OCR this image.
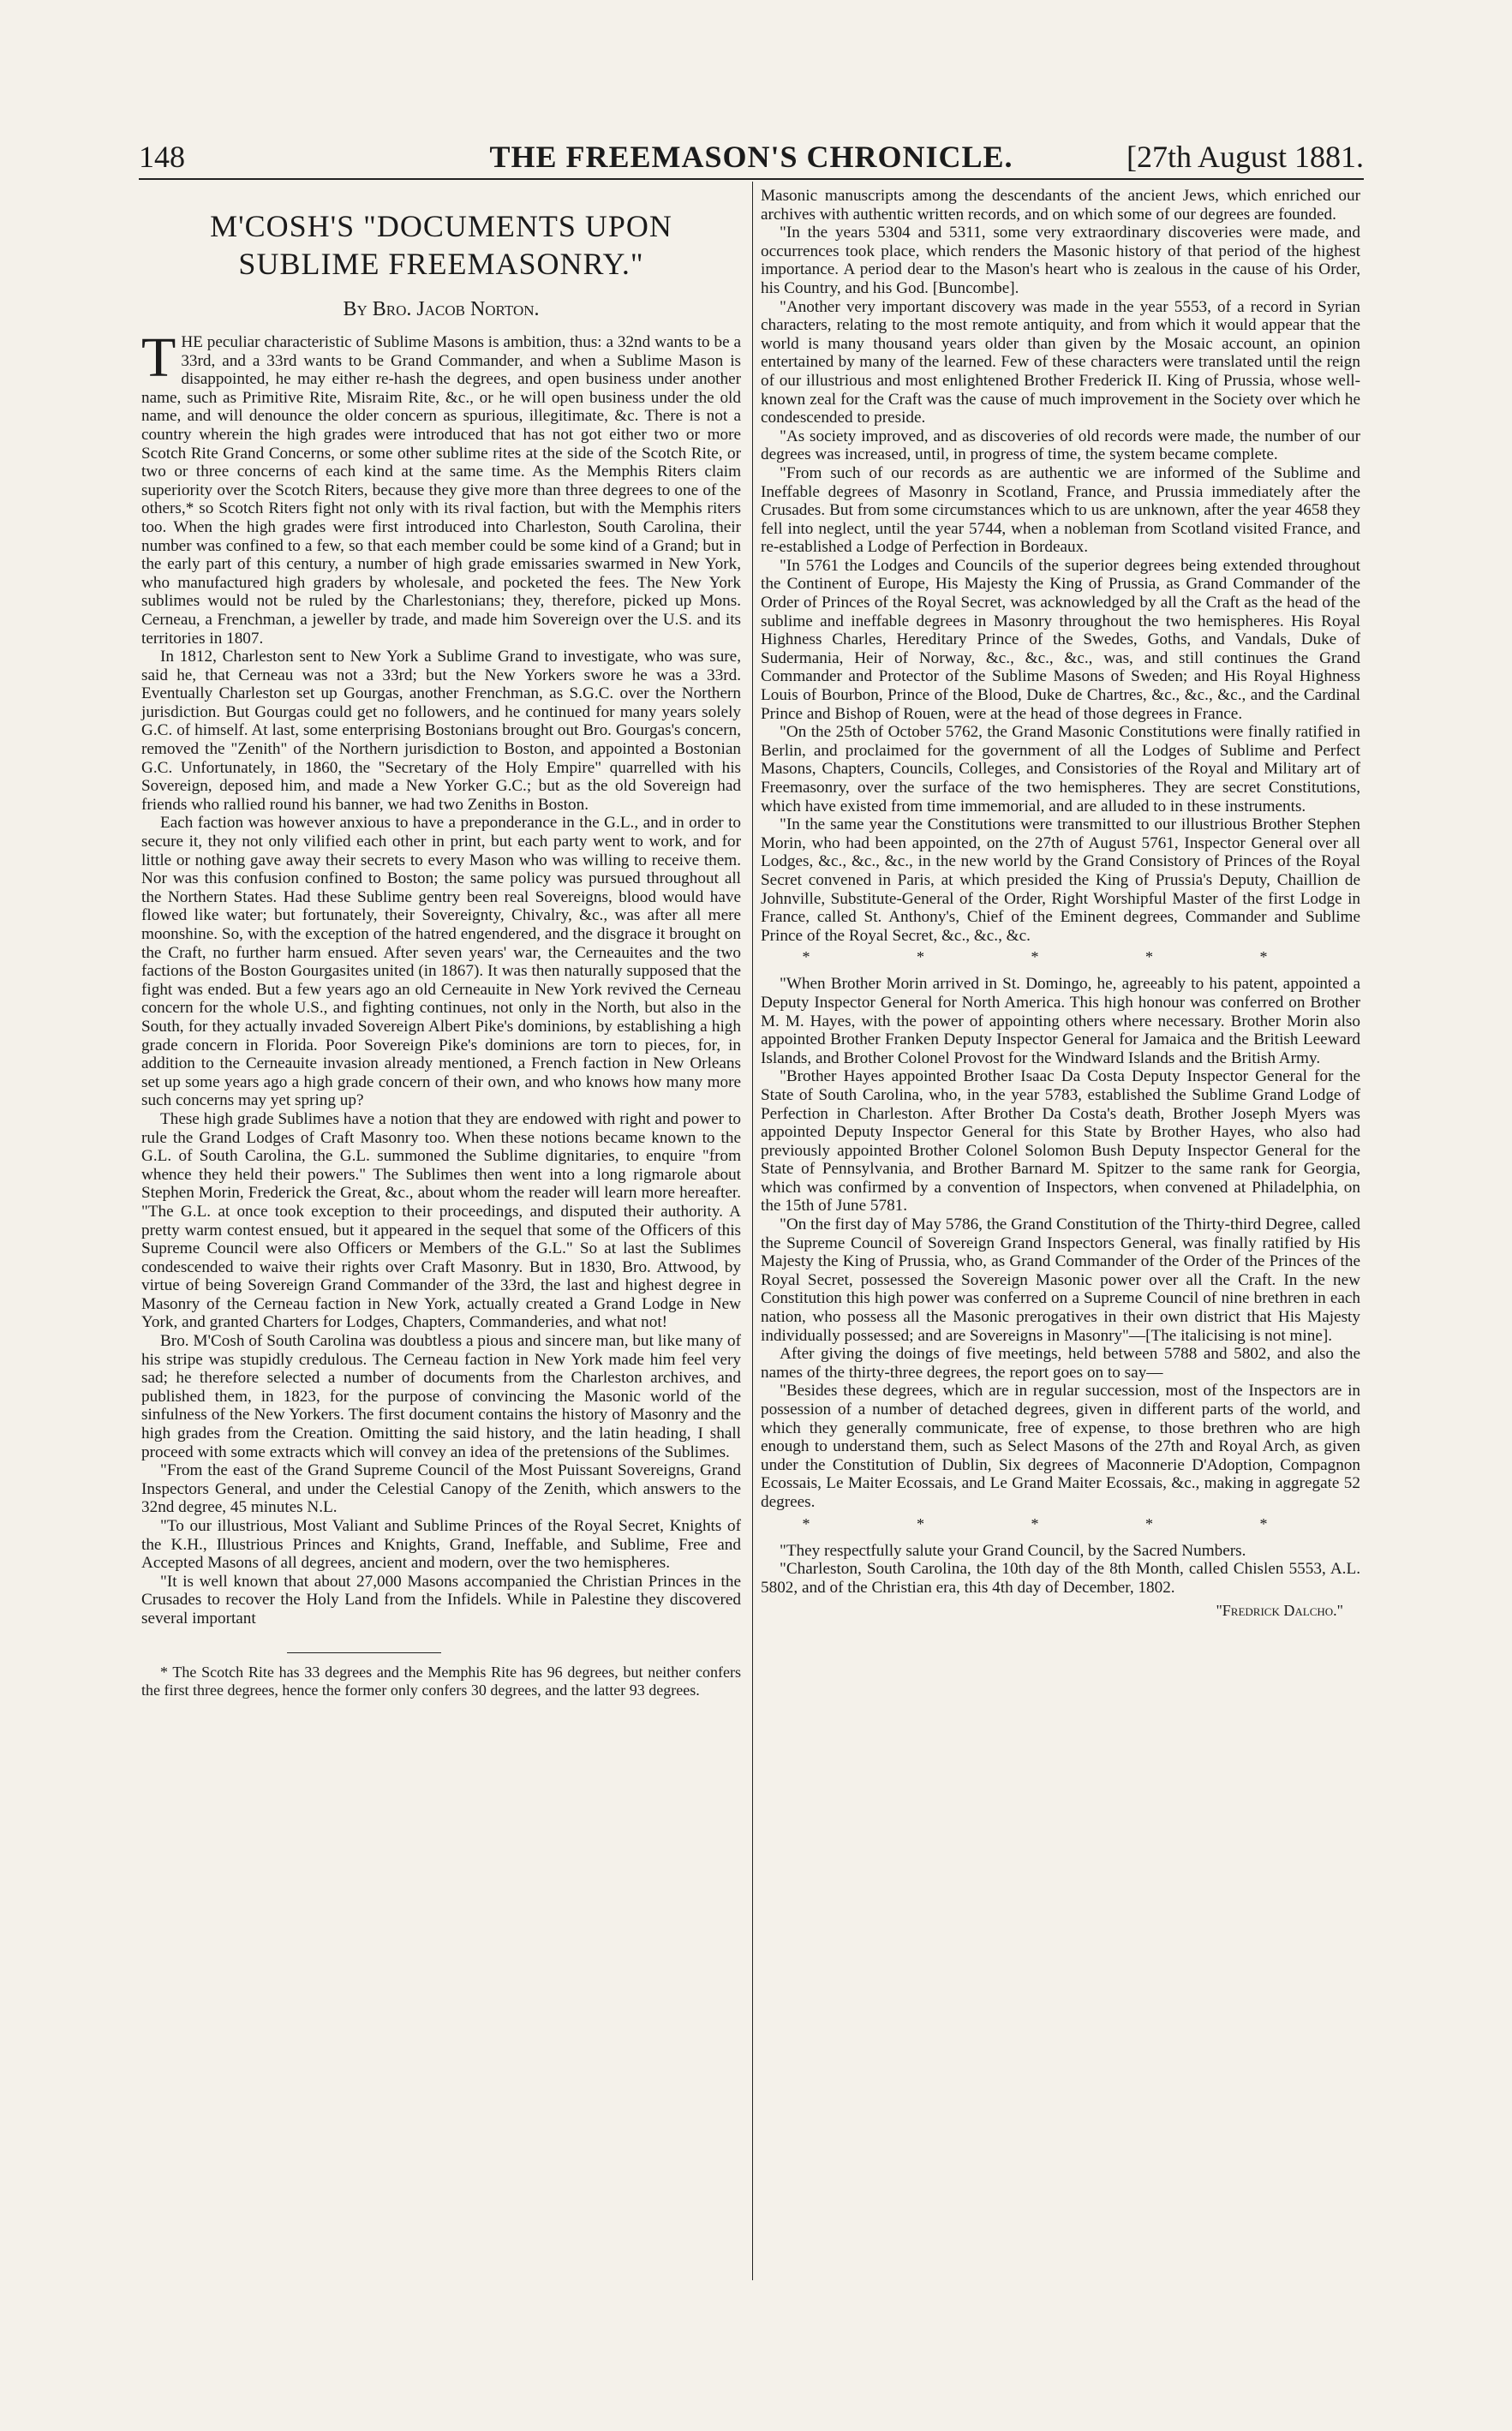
148	THE FREEMASON'S CHRONICLE.	[27th August 1881.
M'COSH'S "DOCUMENTS UPON SUBLIME FREEMASONRY."
By Bro. Jacob Norton.

THE peculiar characteristic of Sublime Masons is ambition, thus: a 32nd wants to be a 33rd, and a 33rd wants to be Grand Commander, and when a Sublime Mason is disappointed, he may either re-hash the degrees, and open business under another name, such as Primitive Rite, Misraim Rite, &c., or he will open business under the old name, and will denounce the older concern as spurious, illegitimate, &c. There is not a country wherein the high grades were introduced that has not got either two or more Scotch Rite Grand Concerns, or some other sublime rites at the side of the Scotch Rite, or two or three concerns of each kind at the same time. As the Memphis Riters claim superiority over the Scotch Riters, because they give more than three degrees to one of the others,* so Scotch Riters fight not only with its rival faction, but with the Memphis riters too. When the high grades were first introduced into Charleston, South Carolina, their number was confined to a few, so that each member could be some kind of a Grand; but in the early part of this century, a number of high grade emissaries swarmed in New York, who manufactured high graders by wholesale, and pocketed the fees. The New York sublimes would not be ruled by the Charlestonians; they, therefore, picked up Mons. Cerneau, a Frenchman, a jeweller by trade, and made him Sovereign over the U.S. and its territories in 1807.

In 1812, Charleston sent to New York a Sublime Grand to investigate, who was sure, said he, that Cerneau was not a 33rd; but the New Yorkers swore he was a 33rd. Eventually Charleston set up Gourgas, another Frenchman, as S.G.C. over the Northern jurisdiction. But Gourgas could get no followers, and he continued for many years solely G.C. of himself. At last, some enterprising Bostonians brought out Bro. Gourgas's concern, removed the "Zenith" of the Northern jurisdiction to Boston, and appointed a Bostonian G.C. Unfortunately, in 1860, the "Secretary of the Holy Empire" quarrelled with his Sovereign, deposed him, and made a New Yorker G.C.; but as the old Sovereign had friends who rallied round his banner, we had two Zeniths in Boston.

Each faction was however anxious to have a preponderance in the G.L., and in order to secure it, they not only vilified each other in print, but each party went to work, and for little or nothing gave away their secrets to every Mason who was willing to receive them. Nor was this confusion confined to Boston; the same policy was pursued throughout all the Northern States. Had these Sublime gentry been real Sovereigns, blood would have flowed like water; but fortunately, their Sovereignty, Chivalry, &c., was after all mere moonshine. So, with the exception of the hatred engendered, and the disgrace it brought on the Craft, no further harm ensued. After seven years' war, the Cerneauites and the two factions of the Boston Gourgasites united (in 1867). It was then naturally supposed that the fight was ended. But a few years ago an old Cerneauite in New York revived the Cerneau concern for the whole U.S., and fighting continues, not only in the North, but also in the South, for they actually invaded Sovereign Albert Pike's dominions, by establishing a high grade concern in Florida. Poor Sovereign Pike's dominions are torn to pieces, for, in addition to the Cerneauite invasion already mentioned, a French faction in New Orleans set up some years ago a high grade concern of their own, and who knows how many more such concerns may yet spring up?

These high grade Sublimes have a notion that they are endowed with right and power to rule the Grand Lodges of Craft Masonry too. When these notions became known to the G.L. of South Carolina, the G.L. summoned the Sublime dignitaries, to enquire "from whence they held their powers." The Sublimes then went into a long rigmarole about Stephen Morin, Frederick the Great, &c., about whom the reader will learn more hereafter. "The G.L. at once took exception to their proceedings, and disputed their authority. A pretty warm contest ensued, but it appeared in the sequel that some of the Officers of this Supreme Council were also Officers or Members of the G.L." So at last the Sublimes condescended to waive their rights over Craft Masonry. But in 1830, Bro. Attwood, by virtue of being Sovereign Grand Commander of the 33rd, the last and highest degree in Masonry of the Cerneau faction in New York, actually created a Grand Lodge in New York, and granted Charters for Lodges, Chapters, Commanderies, and what not!

Bro. M'Cosh of South Carolina was doubtless a pious and sincere man, but like many of his stripe was stupidly credulous. The Cerneau faction in New York made him feel very sad; he therefore selected a number of documents from the Charleston archives, and published them, in 1823, for the purpose of convincing the Masonic world of the sinfulness of the New Yorkers. The first document contains the history of Masonry and the high grades from the Creation. Omitting the said history, and the latin heading, I shall proceed with some extracts which will convey an idea of the pretensions of the Sublimes.

"From the east of the Grand Supreme Council of the Most Puissant Sovereigns, Grand Inspectors General, and under the Celestial Canopy of the Zenith, which answers to the 32nd degree, 45 minutes N.L.

"To our illustrious, Most Valiant and Sublime Princes of the Royal Secret, Knights of the K.H., Illustrious Princes and Knights, Grand, Ineffable, and Sublime, Free and Accepted Masons of all degrees, ancient and modern, over the two hemispheres.

"It is well known that about 27,000 Masons accompanied the Christian Princes in the Crusades to recover the Holy Land from the Infidels. While in Palestine they discovered several important

* The Scotch Rite has 33 degrees and the Memphis Rite has 96 degrees, but neither confers the first three degrees, hence the former only confers 30 degrees, and the latter 93 degrees.

Masonic manuscripts among the descendants of the ancient Jews, which enriched our archives with authentic written records, and on which some of our degrees are founded.

"In the years 5304 and 5311, some very extraordinary discoveries were made, and occurrences took place, which renders the Masonic history of that period of the highest importance. A period dear to the Mason's heart who is zealous in the cause of his Order, his Country, and his God. [Buncombe].

"Another very important discovery was made in the year 5553, of a record in Syrian characters, relating to the most remote antiquity, and from which it would appear that the world is many thousand years older than given by the Mosaic account, an opinion entertained by many of the learned. Few of these characters were translated until the reign of our illustrious and most enlightened Brother Frederick II. King of Prussia, whose well-known zeal for the Craft was the cause of much improvement in the Society over which he condescended to preside.

"As society improved, and as discoveries of old records were made, the number of our degrees was increased, until, in progress of time, the system became complete.

"From such of our records as are authentic we are informed of the Sublime and Ineffable degrees of Masonry in Scotland, France, and Prussia immediately after the Crusades. But from some circumstances which to us are unknown, after the year 4658 they fell into neglect, until the year 5744, when a nobleman from Scotland visited France, and re-established a Lodge of Perfection in Bordeaux.

"In 5761 the Lodges and Councils of the superior degrees being extended throughout the Continent of Europe, His Majesty the King of Prussia, as Grand Commander of the Order of Princes of the Royal Secret, was acknowledged by all the Craft as the head of the sublime and ineffable degrees in Masonry throughout the two hemispheres. His Royal Highness Charles, Hereditary Prince of the Swedes, Goths, and Vandals, Duke of Sudermania, Heir of Norway, &c., &c., &c., was, and still continues the Grand Commander and Protector of the Sublime Masons of Sweden; and His Royal Highness Louis of Bourbon, Prince of the Blood, Duke de Chartres, &c., &c., &c., and the Cardinal Prince and Bishop of Rouen, were at the head of those degrees in France.

"On the 25th of October 5762, the Grand Masonic Constitutions were finally ratified in Berlin, and proclaimed for the government of all the Lodges of Sublime and Perfect Masons, Chapters, Councils, Colleges, and Consistories of the Royal and Military art of Freemasonry, over the surface of the two hemispheres. They are secret Constitutions, which have existed from time immemorial, and are alluded to in these instruments.

"In the same year the Constitutions were transmitted to our illustrious Brother Stephen Morin, who had been appointed, on the 27th of August 5761, Inspector General over all Lodges, &c., &c., &c., in the new world by the Grand Consistory of Princes of the Royal Secret convened in Paris, at which presided the King of Prussia's Deputy, Chaillion de Johnville, Substitute-General of the Order, Right Worshipful Master of the first Lodge in France, called St. Anthony's, Chief of the Eminent degrees, Commander and Sublime Prince of the Royal Secret, &c., &c., &c.

* * * * *

"When Brother Morin arrived in St. Domingo, he, agreeably to his patent, appointed a Deputy Inspector General for North America. This high honour was conferred on Brother M. M. Hayes, with the power of appointing others where necessary. Brother Morin also appointed Brother Franken Deputy Inspector General for Jamaica and the British Leeward Islands, and Brother Colonel Provost for the Windward Islands and the British Army.

"Brother Hayes appointed Brother Isaac Da Costa Deputy Inspector General for the State of South Carolina, who, in the year 5783, established the Sublime Grand Lodge of Perfection in Charleston. After Brother Da Costa's death, Brother Joseph Myers was appointed Deputy Inspector General for this State by Brother Hayes, who also had previously appointed Brother Colonel Solomon Bush Deputy Inspector General for the State of Pennsylvania, and Brother Barnard M. Spitzer to the same rank for Georgia, which was confirmed by a convention of Inspectors, when convened at Philadelphia, on the 15th of June 5781.

"On the first day of May 5786, the Grand Constitution of the Thirty-third Degree, called the Supreme Council of Sovereign Grand Inspectors General, was finally ratified by His Majesty the King of Prussia, who, as Grand Commander of the Order of the Princes of the Royal Secret, possessed the Sovereign Masonic power over all the Craft. In the new Constitution this high power was conferred on a Supreme Council of nine brethren in each nation, who possess all the Masonic prerogatives in their own district that His Majesty individually possessed; and are Sovereigns in Masonry"—[The italicising is not mine].

After giving the doings of five meetings, held between 5788 and 5802, and also the names of the thirty-three degrees, the report goes on to say—

"Besides these degrees, which are in regular succession, most of the Inspectors are in possession of a number of detached degrees, given in different parts of the world, and which they generally communicate, free of expense, to those brethren who are high enough to understand them, such as Select Masons of the 27th and Royal Arch, as given under the Constitution of Dublin, Six degrees of Maconnerie D'Adoption, Compagnon Ecossais, Le Maiter Ecossais, and Le Grand Maiter Ecossais, &c., making in aggregate 52 degrees.

* * * * *

"They respectfully salute your Grand Council, by the Sacred Numbers.

"Charleston, South Carolina, the 10th day of the 8th Month, called Chislen 5553, A.L. 5802, and of the Christian era, this 4th day of December, 1802.

"Fredrick Dalcho."
